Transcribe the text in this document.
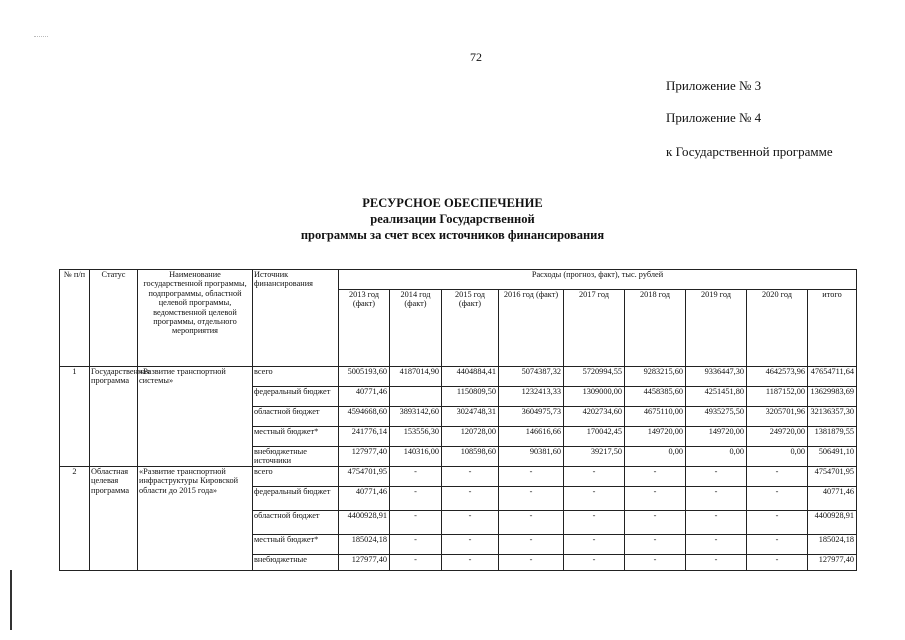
72
Приложение № 3
Приложение № 4
к Государственной программе
РЕСУРСНОЕ ОБЕСПЕЧЕНИЕ
реализации Государственной
программы за счет всех источников финансирования
№ п/п	Статус	Наименование государственной программы, подпрограммы, областной целевой программы, ведомственной целевой программы, отдельного мероприятия	Источник финансирования	Расходы (прогноз, факт), тыс. рублей								
				2013 год (факт)	2014 год (факт)	2015 год (факт)	2016 год (факт)	2017 год	2018 год	2019 год	2020 год	итого
1	Государственная программа	«Развитие транспортной системы»	всего	5005193,60	4187014,90	4404884,41	5074387,32	5720994,55	9283215,60	9336447,30	4642573,96	47654711,64
			федеральный бюджет	40771,46		1150809,50	1232413,33	1309000,00	4458385,60	4251451,80	1187152,00	13629983,69
			областной бюджет	4594668,60	3893142,60	3024748,31	3604975,73	4202734,60	4675110,00	4935275,50	3205701,96	32136357,30
			местный бюджет*	241776,14	153556,30	120728,00	146616,66	170042,45	149720,00	149720,00	249720,00	1381879,55
			внебюджетные источники	127977,40	140316,00	108598,60	90381,60	39217,50	0,00	0,00	0,00	506491,10
2	Областная целевая программа	«Развитие транспортной инфраструктуры Кировской области до 2015 года»	всего	4754701,95	-	-	-	-	-	-	-	4754701,95
			федеральный бюджет	40771,46	-	-	-	-	-	-	-	40771,46
			областной бюджет	4400928,91	-	-	-	-	-	-	-	4400928,91
			местный бюджет*	185024,18	-	-	-	-	-	-	-	185024,18
			внебюджетные	127977,40	-	-	-	-	-	-	-	127977,40
